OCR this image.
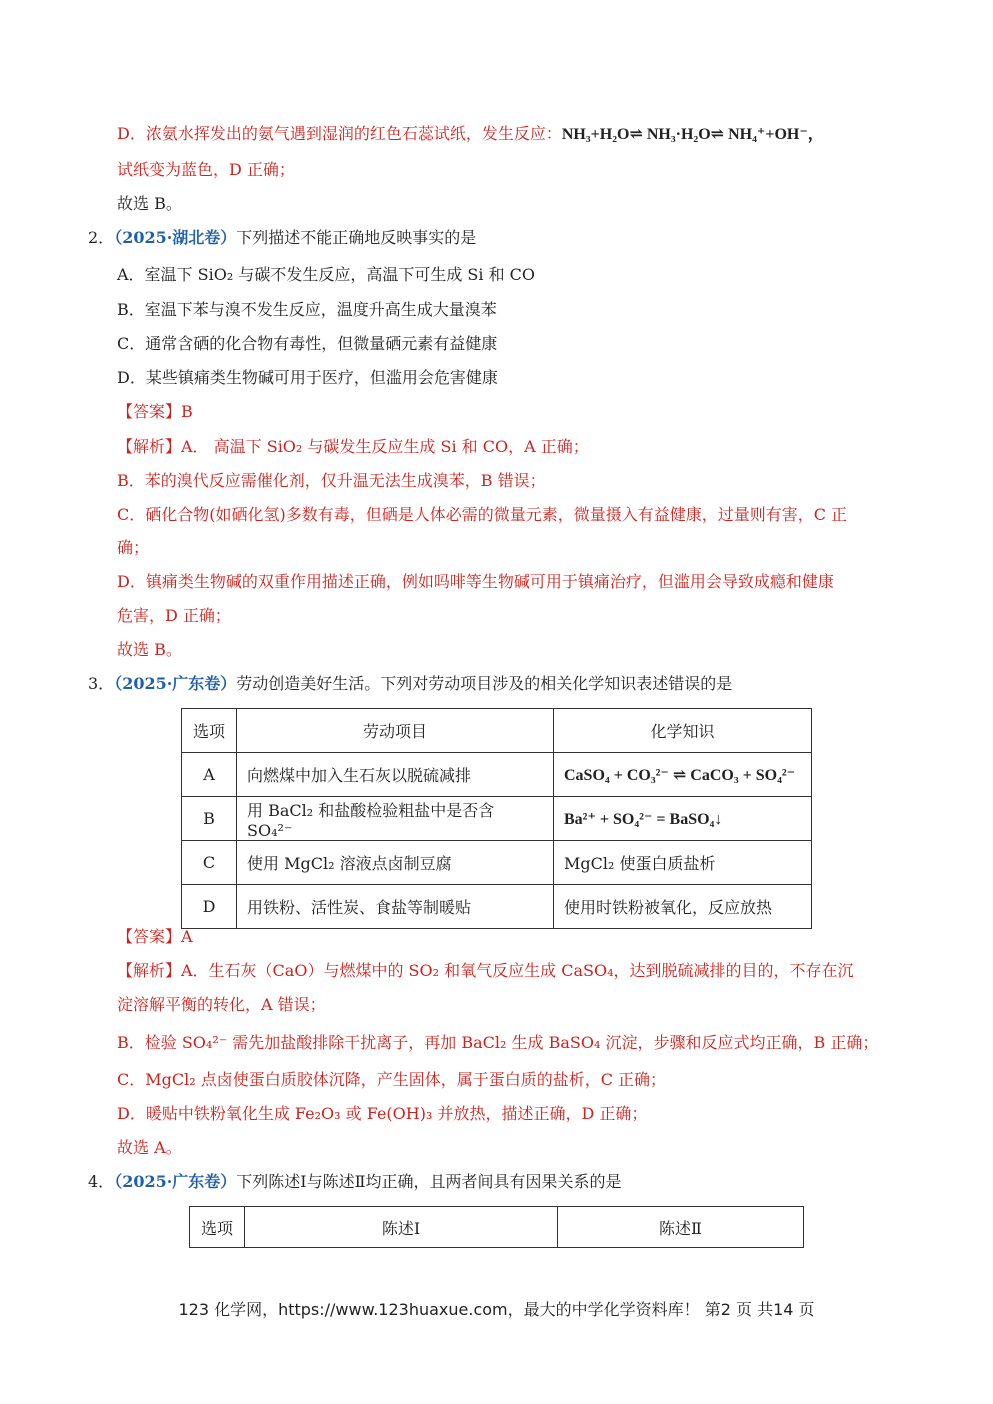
D．浓氨水挥发出的氨气遇到湿润的红色石蕊试纸，发生反应：NH₃+H₂O⇌ NH₃·H₂O⇌ NH₄⁺+OH⁻，
试纸变为蓝色，D 正确；
故选 B。
2．（2025·湖北卷）下列描述不能正确地反映事实的是
A．室温下 SiO₂ 与碳不发生反应，高温下可生成 Si 和 CO
B．室温下苯与溴不发生反应，温度升高生成大量溴苯
C．通常含硒的化合物有毒性，但微量硒元素有益健康
D．某些镇痛类生物碱可用于医疗，但滥用会危害健康
【答案】B
【解析】A． 高温下 SiO₂ 与碳发生反应生成 Si 和 CO，A 正确；
B．苯的溴代反应需催化剂，仅升温无法生成溴苯，B 错误；
C．硒化合物(如硒化氢)多数有毒，但硒是人体必需的微量元素，微量摄入有益健康，过量则有害，C 正
确；
D．镇痛类生物碱的双重作用描述正确，例如吗啡等生物碱可用于镇痛治疗，但滥用会导致成瘾和健康
危害，D 正确；
故选 B。
3．（2025·广东卷）劳动创造美好生活。下列对劳动项目涉及的相关化学知识表述错误的是
选项	劳动项目	化学知识
A	向燃煤中加入生石灰以脱硫减排	CaSO₄ + CO₃²⁻ ⇌ CaCO₃ + SO₄²⁻
B	用 BaCl₂ 和盐酸检验粗盐中是否含 SO₄²⁻	Ba²⁺ + SO₄²⁻ = BaSO₄↓
C	使用 MgCl₂ 溶液点卤制豆腐	MgCl₂ 使蛋白质盐析
D	用铁粉、活性炭、食盐等制暖贴	使用时铁粉被氧化，反应放热
【答案】A
【解析】A．生石灰（CaO）与燃煤中的 SO₂ 和氧气反应生成 CaSO₄，达到脱硫减排的目的，不存在沉
淀溶解平衡的转化，A 错误；
B．检验 SO₄²⁻ 需先加盐酸排除干扰离子，再加 BaCl₂ 生成 BaSO₄ 沉淀，步骤和反应式均正确，B 正确；
C．MgCl₂ 点卤使蛋白质胶体沉降，产生固体，属于蛋白质的盐析，C 正确；
D．暖贴中铁粉氧化生成 Fe₂O₃ 或 Fe(OH)₃ 并放热，描述正确，D 正确；
故选 A。
4．（2025·广东卷）下列陈述Ⅰ与陈述Ⅱ均正确，且两者间具有因果关系的是
选项	陈述Ⅰ	陈述Ⅱ
123 化学网，https://www.123huaxue.com，最大的中学化学资料库！ 第2 页 共14 页
